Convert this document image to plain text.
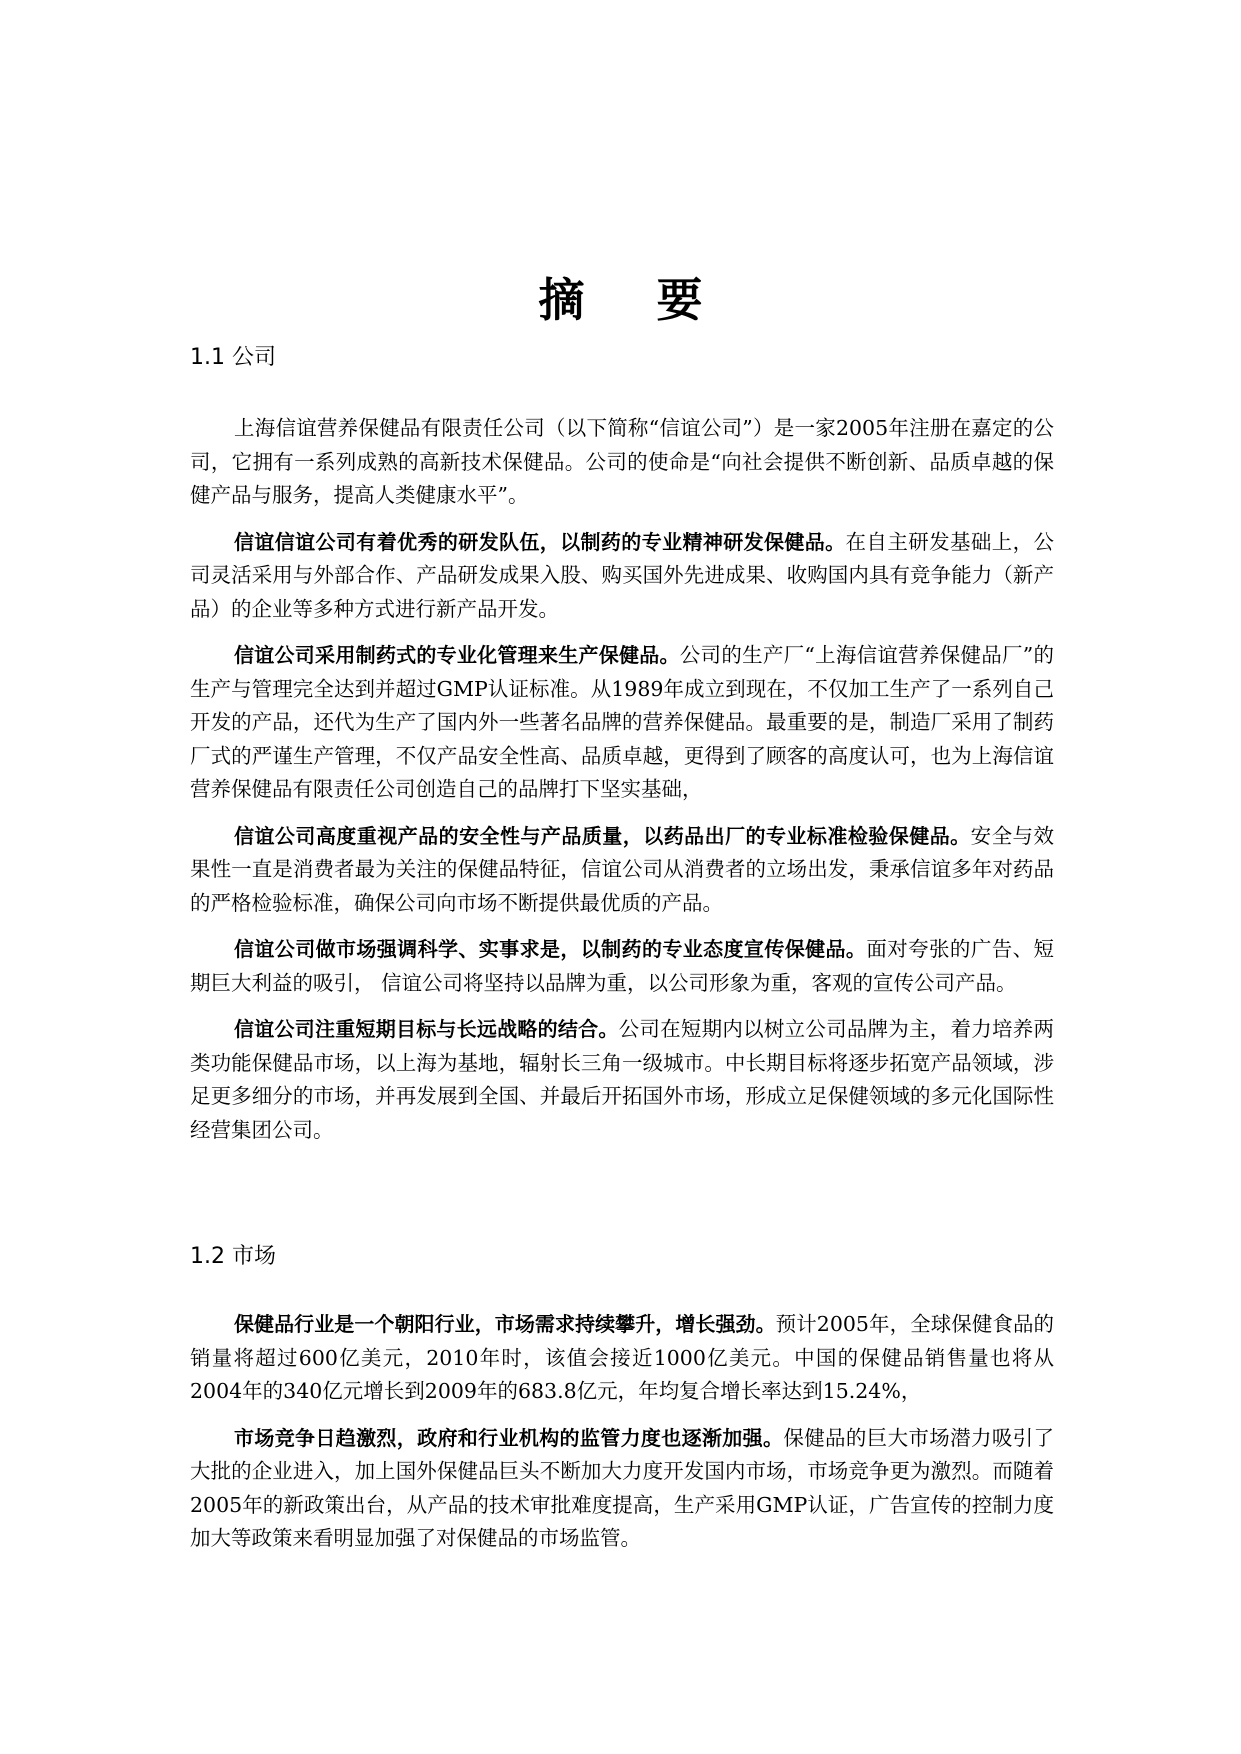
摘 要
1.1 公司

上海信谊营养保健品有限责任公司（以下简称“信谊公司”）是一家2005年注册在嘉定的公司，它拥有一系列成熟的高新技术保健品。公司的使命是“向社会提供不断创新、品质卓越的保健产品与服务，提高人类健康水平”。

信谊信谊公司有着优秀的研发队伍，以制药的专业精神研发保健品。在自主研发基础上，公司灵活采用与外部合作、产品研发成果入股、购买国外先进成果、收购国内具有竞争能力（新产品）的企业等多种方式进行新产品开发。

信谊公司采用制药式的专业化管理来生产保健品。公司的生产厂“上海信谊营养保健品厂”的生产与管理完全达到并超过GMP认证标准。从1989年成立到现在，不仅加工生产了一系列自己开发的产品，还代为生产了国内外一些著名品牌的营养保健品。最重要的是，制造厂采用了制药厂式的严谨生产管理，不仅产品安全性高、品质卓越，更得到了顾客的高度认可，也为上海信谊营养保健品有限责任公司创造自己的品牌打下坚实基础，

信谊公司高度重视产品的安全性与产品质量，以药品出厂的专业标准检验保健品。安全与效果性一直是消费者最为关注的保健品特征，信谊公司从消费者的立场出发，秉承信谊多年对药品的严格检验标准，确保公司向市场不断提供最优质的产品。

信谊公司做市场强调科学、实事求是，以制药的专业态度宣传保健品。面对夸张的广告、短期巨大利益的吸引， 信谊公司将坚持以品牌为重，以公司形象为重，客观的宣传公司产品。

信谊公司注重短期目标与长远战略的结合。公司在短期内以树立公司品牌为主，着力培养两类功能保健品市场，以上海为基地，辐射长三角一级城市。中长期目标将逐步拓宽产品领域，涉足更多细分的市场，并再发展到全国、并最后开拓国外市场，形成立足保健领域的多元化国际性经营集团公司。

1.2 市场

保健品行业是一个朝阳行业，市场需求持续攀升，增长强劲。预计2005年，全球保健食品的销量将超过600亿美元，2010年时，该值会接近1000亿美元。中国的保健品销售量也将从2004年的340亿元增长到2009年的683.8亿元，年均复合增长率达到15.24%，

市场竞争日趋激烈，政府和行业机构的监管力度也逐渐加强。保健品的巨大市场潜力吸引了大批的企业进入，加上国外保健品巨头不断加大力度开发国内市场，市场竞争更为激烈。而随着2005年的新政策出台，从产品的技术审批难度提高，生产采用GMP认证，广告宣传的控制力度加大等政策来看明显加强了对保健品的市场监管。
